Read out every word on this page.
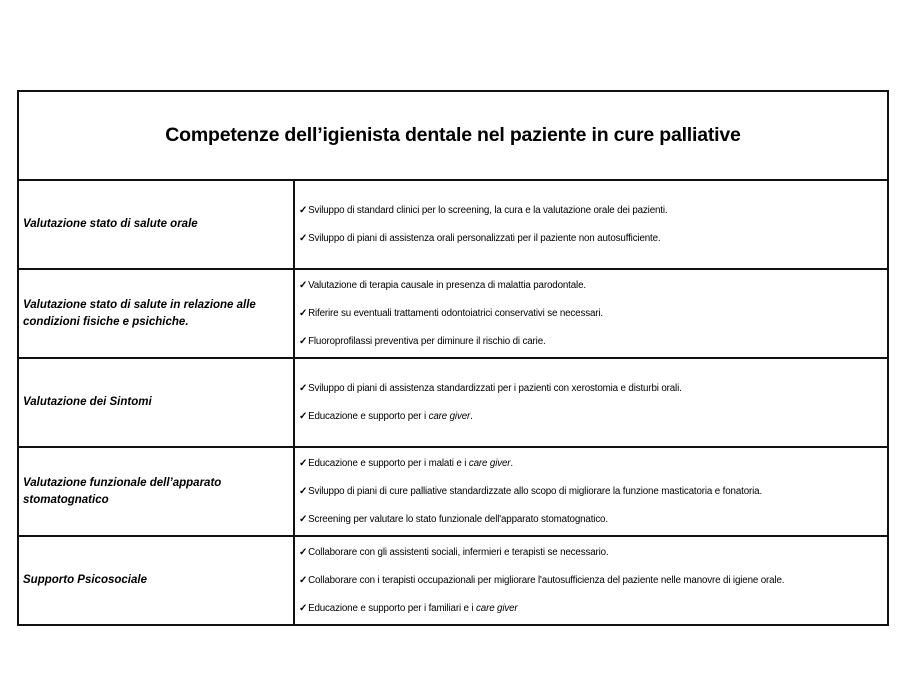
Competenze dell’igienista dentale nel paziente in cure palliative	
Valutazione stato di salute orale	✓Sviluppo di standard clinici per lo screening, la cura e la valutazione orale dei pazienti.
✓Sviluppo di piani di assistenza orali personalizzati per il paziente non autosufficiente.

Valutazione stato di salute in relazione alle condizioni fisiche e psichiche.	✓Valutazione di terapia causale in presenza di malattia parodontale.
✓Riferire su eventuali trattamenti odontoiatrici conservativi se necessari.
✓Fluoroprofilassi preventiva per diminure il rischio di carie.

Valutazione dei Sintomi	✓Sviluppo di piani di assistenza standardizzati per i pazienti con xerostomia e disturbi orali.
✓Educazione e supporto per i care giver.

Valutazione funzionale dell’apparato stomatognatico	✓Educazione e supporto per i malati e i care giver.
✓Sviluppo di piani di cure palliative standardizzate allo scopo di migliorare la funzione masticatoria e fonatoria.
✓Screening per valutare lo stato funzionale dell'apparato stomatognatico.

Supporto Psicosociale	✓Collaborare con gli assistenti sociali, infermieri e terapisti se necessario.
✓Collaborare con i terapisti occupazionali per migliorare l'autosufficienza del paziente nelle manovre di igiene orale.
✓Educazione e supporto per i familiari e i care giver
